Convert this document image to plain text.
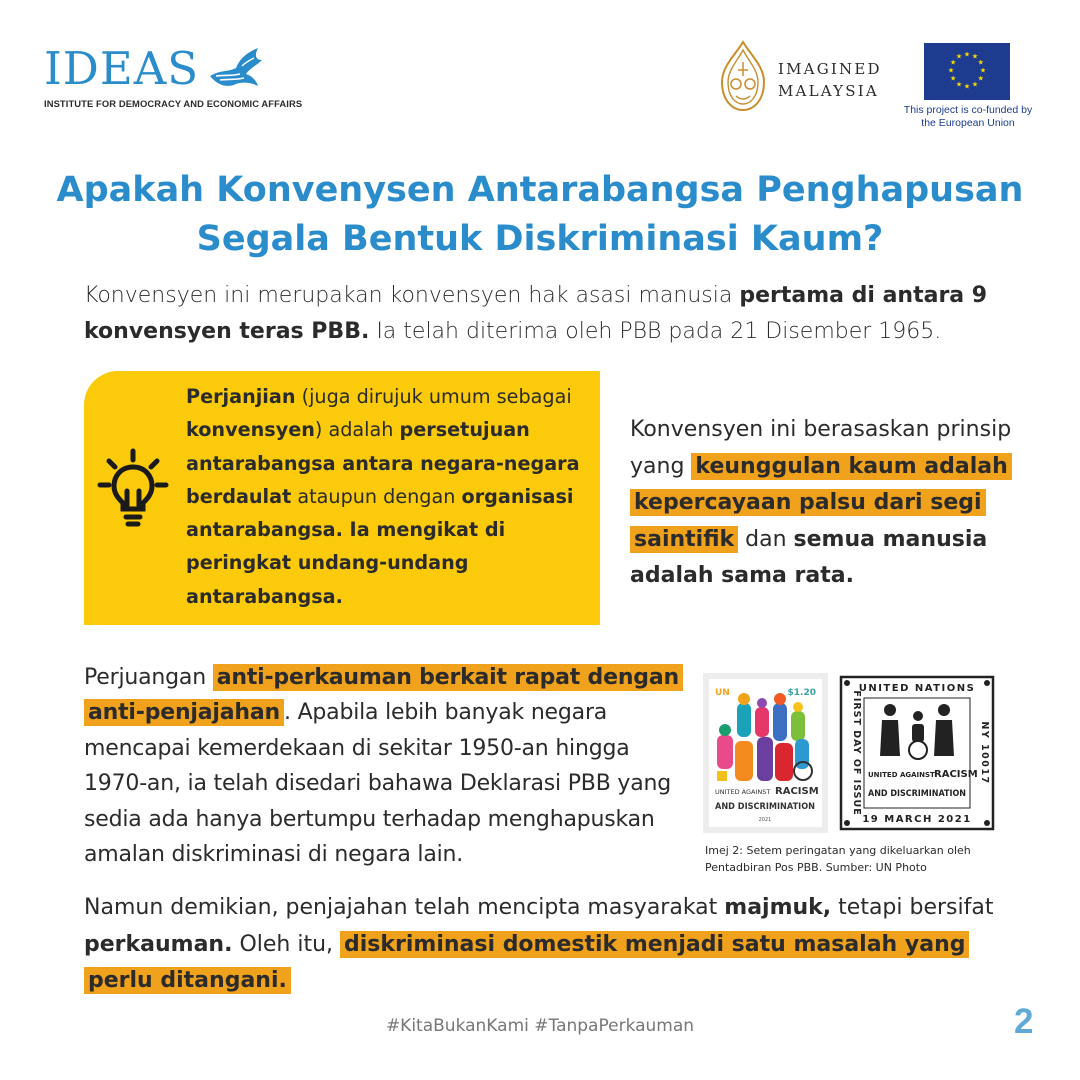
IDEAS
INSTITUTE FOR DEMOCRACY AND ECONOMIC AFFAIRS
IMAGINED
MALAYSIA
★ ★
★
★
★
★
★
★
★
★
★
★
This project is co-funded by
the European Union
Apakah Konvenysen Antarabangsa Penghapusan
Segala Bentuk Diskriminasi Kaum?
Konvensyen ini merupakan konvensyen hak asasi manusia pertama di antara 9 konvensyen teras PBB. Ia telah diterima oleh PBB pada 21 Disember 1965.
Perjanjian (juga dirujuk umum sebagai konvensyen) adalah persetujuan antarabangsa antara negara-negara berdaulat ataupun dengan organisasi antarabangsa. Ia mengikat di peringkat undang-undang antarabangsa.
Konvensyen ini berasaskan prinsip yang keunggulan kaum adalah kepercayaan palsu dari segi saintifik dan semua manusia adalah sama rata.
Perjuangan anti-perkauman berkait rapat dengan anti-penjajahan . Apabila lebih banyak negara mencapai kemerdekaan di sekitar 1950-an hingga 1970-an, ia telah disedari bahawa Deklarasi PBB yang sedia ada hanya bertumpu terhadap menghapuskan amalan diskriminasi di negara lain.
UN	$1.20
UNITED AGAINST RACISM
AND DISCRIMINATION
2021
UNITED NATIONS
FIRST DAY OF ISSUE	NY 10017
UNITED AGAINST RACISM
AND DISCRIMINATION
19 MARCH 2021
Imej 2: Setem peringatan yang dikeluarkan oleh
Pentadbiran Pos PBB. Sumber: UN Photo
Namun demikian, penjajahan telah mencipta masyarakat majmuk, tetapi bersifat perkauman. Oleh itu, diskriminasi domestik menjadi satu masalah yang perlu ditangani.
#KitaBukanKami #TanpaPerkauman	2
